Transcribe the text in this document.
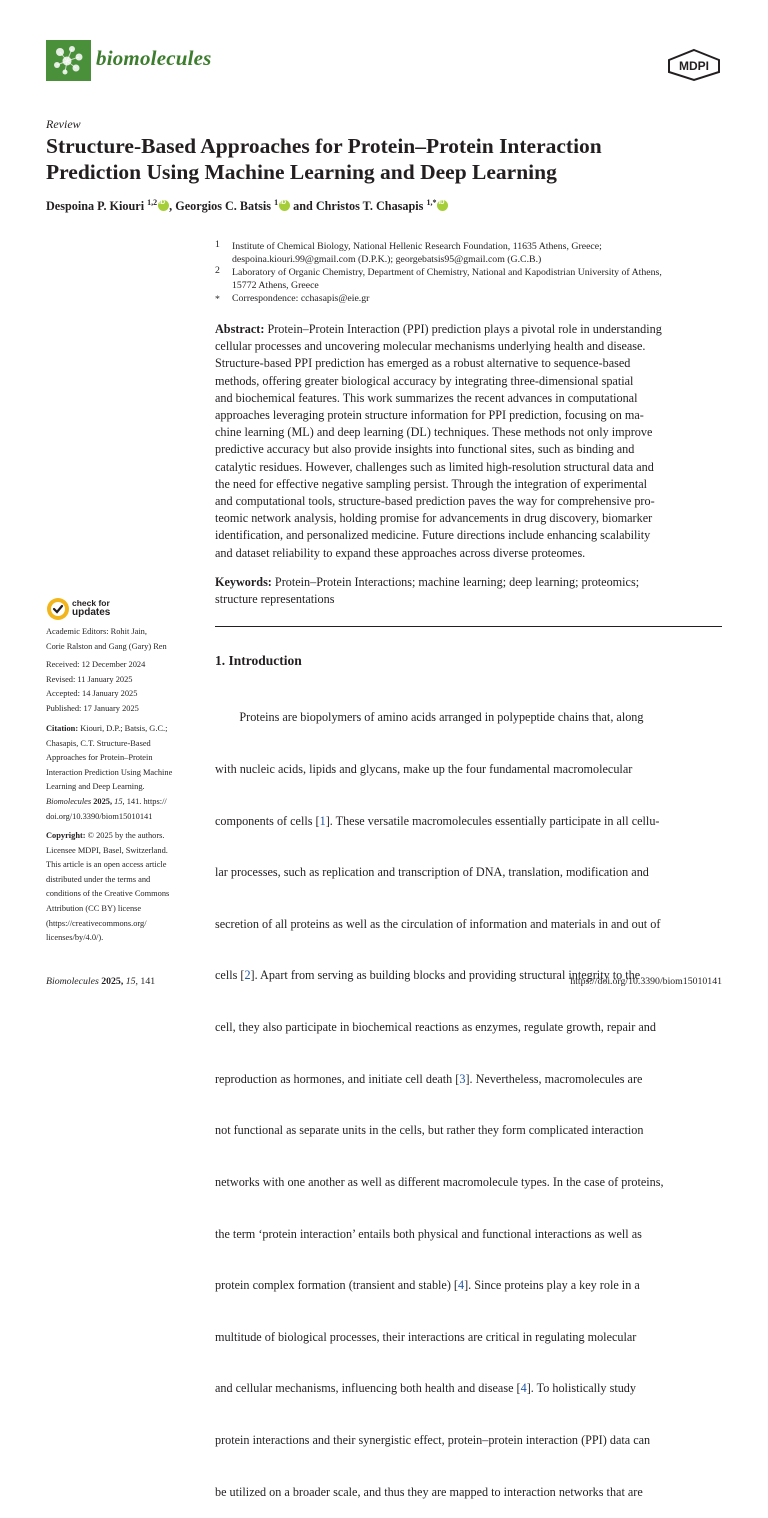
biomolecules	MDPI
Review
Structure-Based Approaches for Protein–Protein Interaction
Prediction Using Machine Learning and Deep Learning
Despoina P. Kiouri $^{1,2}$iD , Georgios C. Batsis $^1$iD and Christos T. Chasapis $^{1,*}$iD
1 Institute of Chemical Biology, National Hellenic Research Foundation, 11635 Athens, Greece;
despoina.kiouri.99@gmail.com (D.P.K.); georgebatsis95@gmail.com (G.C.B.)
2 Laboratory of Organic Chemistry, Department of Chemistry, National and Kapodistrian University of Athens,
15772 Athens, Greece
* Correspondence: cchasapis@eie.gr
Abstract: Protein–Protein Interaction (PPI) prediction plays a pivotal role in understanding
cellular processes and uncovering molecular mechanisms underlying health and disease.
Structure-based PPI prediction has emerged as a robust alternative to sequence-based
methods, offering greater biological accuracy by integrating three-dimensional spatial
and biochemical features. This work summarizes the recent advances in computational
approaches leveraging protein structure information for PPI prediction, focusing on ma-
chine learning (ML) and deep learning (DL) techniques. These methods not only improve
predictive accuracy but also provide insights into functional sites, such as binding and
catalytic residues. However, challenges such as limited high-resolution structural data and
the need for effective negative sampling persist. Through the integration of experimental
and computational tools, structure-based prediction paves the way for comprehensive pro-
teomic network analysis, holding promise for advancements in drug discovery, biomarker
identification, and personalized medicine. Future directions include enhancing scalability
and dataset reliability to expand these approaches across diverse proteomes.
Keywords: Protein–Protein Interactions; machine learning; deep learning; proteomics;
structure representations
check for
updates
Academic Editors: Rohit Jain,
Corie Ralston and Gang (Gary) Ren
Received: 12 December 2024
Revised: 11 January 2025
Accepted: 14 January 2025
Published: 17 January 2025
Citation: Kiouri, D.P.; Batsis, G.C.;
Chasapis, C.T. Structure-Based
Approaches for Protein–Protein
Interaction Prediction Using Machine
Learning and Deep Learning.
Biomolecules 2025, 15, 141. https://
doi.org/10.3390/biom15010141
Copyright: © 2025 by the authors.
Licensee MDPI, Basel, Switzerland.
This article is an open access article
distributed under the terms and
conditions of the Creative Commons
Attribution (CC BY) license
(https://creativecommons.org/
licenses/by/4.0/).
1. Introduction

Proteins are biopolymers of amino acids arranged in polypeptide chains that, along

with nucleic acids, lipids and glycans, make up the four fundamental macromolecular

components of cells [1]. These versatile macromolecules essentially participate in all cellu-

lar processes, such as replication and transcription of DNA, translation, modification and

secretion of all proteins as well as the circulation of information and materials in and out of

cells [2]. Apart from serving as building blocks and providing structural integrity to the

cell, they also participate in biochemical reactions as enzymes, regulate growth, repair and

reproduction as hormones, and initiate cell death [3]. Nevertheless, macromolecules are

not functional as separate units in the cells, but rather they form complicated interaction

networks with one another as well as different macromolecule types. In the case of proteins,

the term ‘protein interaction’ entails both physical and functional interactions as well as

protein complex formation (transient and stable) [4]. Since proteins play a key role in a

multitude of biological processes, their interactions are critical in regulating molecular

and cellular mechanisms, influencing both health and disease [4]. To holistically study

protein interactions and their synergistic effect, protein–protein interaction (PPI) data can

be utilized on a broader scale, and thus they are mapped to interaction networks that are

Biomolecules 2025, 15, 141	https://doi.org/10.3390/biom15010141
